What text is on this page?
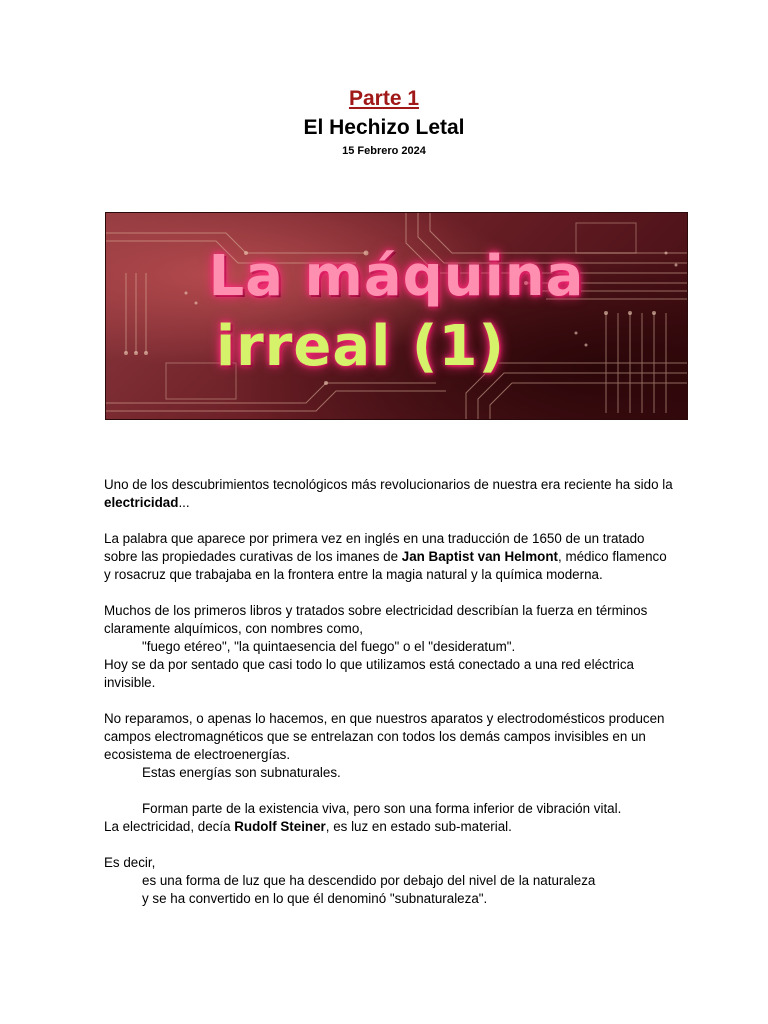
Parte 1
El Hechizo Letal
15 Febrero 2024
La máquina
irreal (1)

Uno de los descubrimientos tecnológicos más revolucionarios de nuestra era reciente ha sido la electricidad...

La palabra que aparece por primera vez en inglés en una traducción de 1650 de un tratado sobre las propiedades curativas de los imanes de Jan Baptist van Helmont, médico flamenco y rosacruz que trabajaba en la frontera entre la magia natural y la química moderna.

Muchos de los primeros libros y tratados sobre electricidad describían la fuerza en términos claramente alquímicos, con nombres como,

"fuego etéreo", "la quintaesencia del fuego" o el "desideratum".

Hoy se da por sentado que casi todo lo que utilizamos está conectado a una red eléctrica invisible.

No reparamos, o apenas lo hacemos, en que nuestros aparatos y electrodomésticos producen campos electromagnéticos que se entrelazan con todos los demás campos invisibles en un ecosistema de electroenergías.

Estas energías son subnaturales.

Forman parte de la existencia viva, pero son una forma inferior de vibración vital.

La electricidad, decía Rudolf Steiner, es luz en estado sub-material.

Es decir,

es una forma de luz que ha descendido por debajo del nivel de la naturaleza

y se ha convertido en lo que él denominó "subnaturaleza".
